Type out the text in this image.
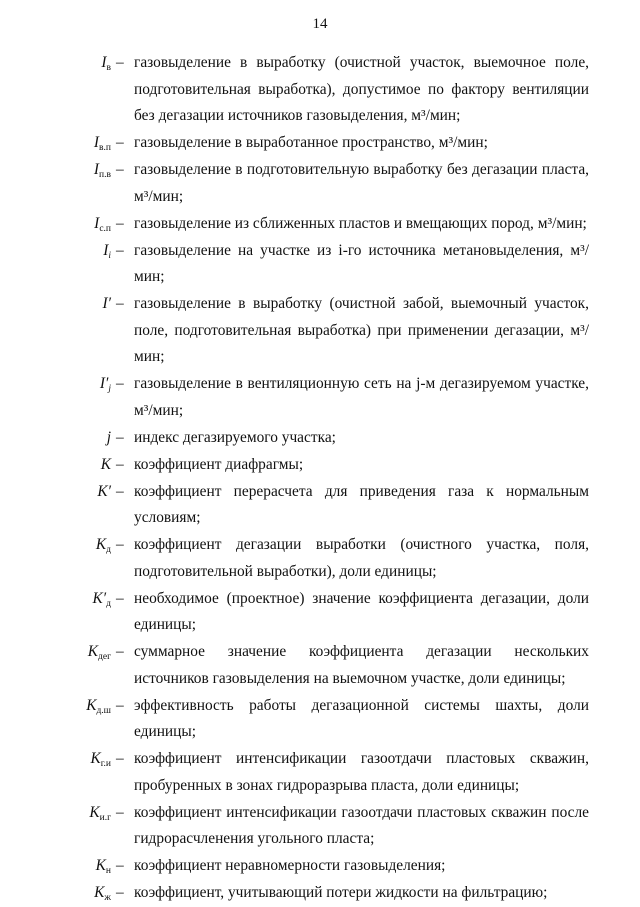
14
$I_в$ – газовыделение в выработку (очистной участок, выемочное поле, подготовительная выработка), допустимое по фактору вентиляции без дегазации источников газовыделения, м³/мин;
$I_{в.п}$ – газовыделение в выработанное пространство, м³/мин;
$I_{п.в}$ – газовыделение в подготовительную выработку без дегазации пласта, м³/мин;
$I_{с.п}$ – газовыделение из сближенных пластов и вмещающих пород, м³/мин;
$I_i$ – газовыделение на участке из i-го источника метановыделения, м³/мин;
I′ – газовыделение в выработку (очистной забой, выемочный участок, поле, подготовительная выработка) при применении дегазации, м³/мин;
$I'_j$ – газовыделение в вентиляционную сеть на j-м дегазируемом участке, м³/мин;
j – индекс дегазируемого участка;
K – коэффициент диафрагмы;
K′ – коэффициент перерасчета для приведения газа к нормальным условиям;
$K_д$ – коэффициент дегазации выработки (очистного участка, поля, подготовительной выработки), доли единицы;
$K'_д$ – необходимое (проектное) значение коэффициента дегазации, доли единицы;
$K_{дег}$ – суммарное значение коэффициента дегазации нескольких источников газовыделения на выемочном участке, доли единицы;
$K_{д.ш}$ – эффективность работы дегазационной системы шахты, доли единицы;
$K_{г.и}$ – коэффициент интенсификации газоотдачи пластовых скважин, пробуренных в зонах гидроразрыва пласта, доли единицы;
$K_{и.г}$ – коэффициент интенсификации газоотдачи пластовых скважин после гидрорасчленения угольного пласта;
$K_н$ – коэффициент неравномерности газовыделения;
$K_ж$ – коэффициент, учитывающий потери жидкости на фильтрацию;
